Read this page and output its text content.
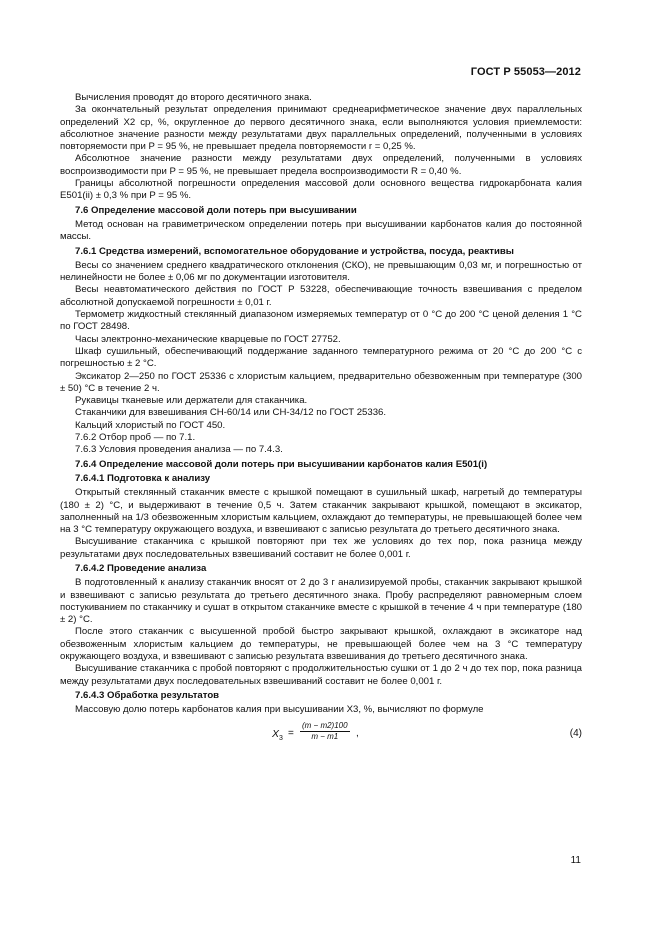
ГОСТ Р 55053—2012

Вычисления проводят до второго десятичного знака.

За окончательный результат определения принимают среднеарифметическое значение двух параллельных определений X2 ср, %, округленное до первого десятичного знака, если выполняются условия приемлемости: абсолютное значение разности между результатами двух параллельных определений, полученными в условиях повторяемости при P = 95 %, не превышает предела повторяемости r = 0,25 %.

Абсолютное значение разности между результатами двух определений, полученными в условиях воспроизводимости при P = 95 %, не превышает предела воспроизводимости R = 0,40 %.

Границы абсолютной погрешности определения массовой доли основного вещества гидрокарбоната калия Е501(ii) ± 0,3 % при P = 95 %.

7.6 Определение массовой доли потерь при высушивании

Метод основан на гравиметрическом определении потерь при высушивании карбонатов калия до постоянной массы.

7.6.1 Средства измерений, вспомогательное оборудование и устройства, посуда, реактивы

Весы со значением среднего квадратического отклонения (СКО), не превышающим 0,03 мг, и погрешностью от нелинейности не более ± 0,06 мг по документации изготовителя.

Весы неавтоматического действия по ГОСТ Р 53228, обеспечивающие точность взвешивания с пределом абсолютной допускаемой погрешности ± 0,01 г.

Термометр жидкостный стеклянный диапазоном измеряемых температур от 0 °С до 200 °С ценой деления 1 °С по ГОСТ 28498.

Часы электронно-механические кварцевые по ГОСТ 27752.

Шкаф сушильный, обеспечивающий поддержание заданного температурного режима от 20 °С до 200 °С с погрешностью ± 2 °С.

Эксикатор 2—250 по ГОСТ 25336 с хлористым кальцием, предварительно обезвоженным при температуре (300 ± 50) °С в течение 2 ч.

Рукавицы тканевые или держатели для стаканчика.

Стаканчики для взвешивания СН-60/14 или СН-34/12 по ГОСТ 25336.

Кальций хлористый по ГОСТ 450.

7.6.2 Отбор проб — по 7.1.

7.6.3 Условия проведения анализа — по 7.4.3.

7.6.4 Определение массовой доли потерь при высушивании карбонатов калия Е501(i)

7.6.4.1 Подготовка к анализу

Открытый стеклянный стаканчик вместе с крышкой помещают в сушильный шкаф, нагретый до температуры (180 ± 2) °С, и выдерживают в течение 0,5 ч. Затем стаканчик закрывают крышкой, помещают в эксикатор, заполненный на 1/3 обезвоженным хлористым кальцием, охлаждают до температуры, не превышающей более чем на 3 °С температуру окружающего воздуха, и взвешивают с записью результата до третьего десятичного знака.

Высушивание стаканчика с крышкой повторяют при тех же условиях до тех пор, пока разница между результатами двух последовательных взвешиваний составит не более 0,001 г.

7.6.4.2 Проведение анализа

В подготовленный к анализу стаканчик вносят от 2 до 3 г анализируемой пробы, стаканчик закрывают крышкой и взвешивают с записью результата до третьего десятичного знака. Пробу распределяют равномерным слоем постукиванием по стаканчику и сушат в открытом стаканчике вместе с крышкой в течение 4 ч при температуре (180 ± 2) °С.

После этого стаканчик с высушенной пробой быстро закрывают крышкой, охлаждают в эксикаторе над обезвоженным хлористым кальцием до температуры, не превышающей более чем на 3 °С температуру окружающего воздуха, и взвешивают с записью результата взвешивания до третьего десятичного знака.

Высушивание стаканчика с пробой повторяют с продолжительностью сушки от 1 до 2 ч до тех пор, пока разница между результатами двух последовательных взвешиваний составит не более 0,001 г.

7.6.4.3 Обработка результатов

Массовую долю потерь карбонатов калия при высушивании X3, %, вычисляют по формуле

$X_3 = \frac{(m - m2)100}{m - m1}$ ,	(4)
11
